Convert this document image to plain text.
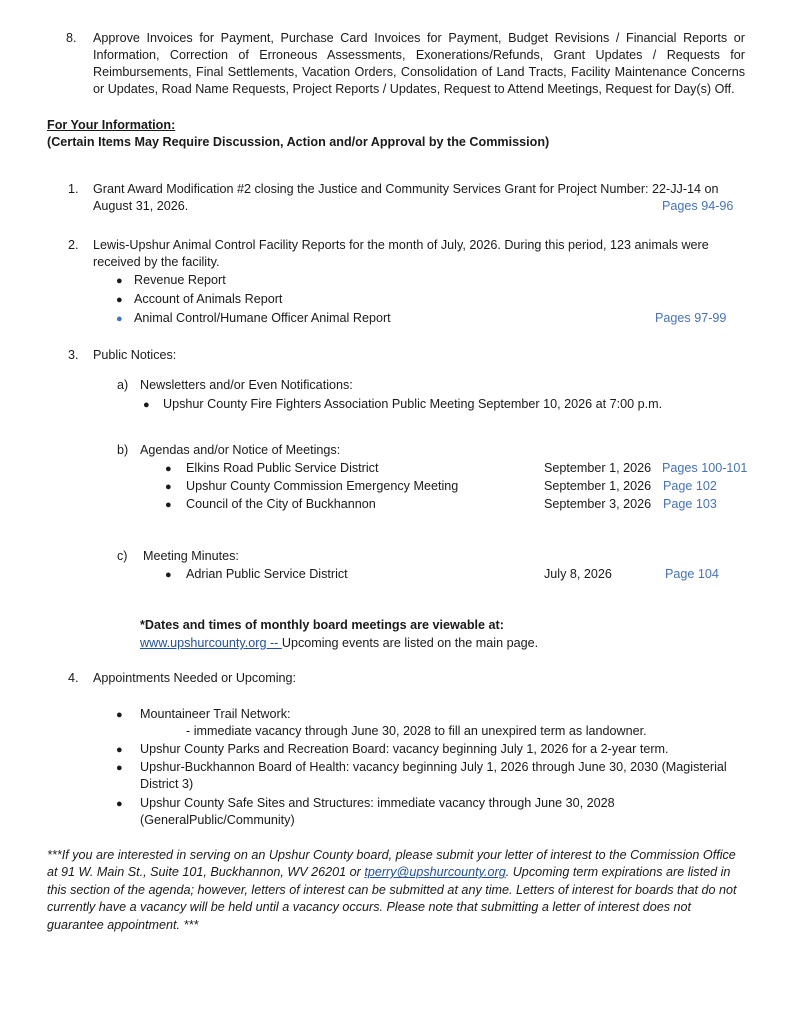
8. Approve Invoices for Payment, Purchase Card Invoices for Payment, Budget Revisions / Financial Reports or Information, Correction of Erroneous Assessments, Exonerations/Refunds, Grant Updates / Requests for Reimbursements, Final Settlements, Vacation Orders, Consolidation of Land Tracts, Facility Maintenance Concerns or Updates, Road Name Requests, Project Reports / Updates, Request to Attend Meetings, Request for Day(s) Off.
For Your Information:
(Certain Items May Require Discussion, Action and/or Approval by the Commission)
1. Grant Award Modification #2 closing the Justice and Community Services Grant for Project Number: 22-JJ-14 on
August 31, 2026.	Pages 94-96
2. Lewis-Upshur Animal Control Facility Reports for the month of July, 2026. During this period, 123 animals were
received by the facility.
● Revenue Report
● Account of Animals Report
● Animal Control/Humane Officer Animal Report	Pages 97-99
3. Public Notices:
a) Newsletters and/or Even Notifications:
● Upshur County Fire Fighters Association Public Meeting September 10, 2026 at 7:00 p.m.
b) Agendas and/or Notice of Meetings:
● Elkins Road Public Service District	September 1, 2026 Pages 100-101
● Upshur County Commission Emergency Meeting	September 1, 2026 Page 102
● Council of the City of Buckhannon	September 3, 2026 Page 103
c) Meeting Minutes:
● Adrian Public Service District	July 8, 2026	Page 104
*Dates and times of monthly board meetings are viewable at:
www.upshurcounty.org -- Upcoming events are listed on the main page.
4. Appointments Needed or Upcoming:
● Mountaineer Trail Network:
- immediate vacancy through June 30, 2028 to fill an unexpired term as landowner.
● Upshur County Parks and Recreation Board: vacancy beginning July 1, 2026 for a 2-year term.
● Upshur-Buckhannon Board of Health: vacancy beginning July 1, 2026 through June 30, 2030 (Magisterial
District 3)
● Upshur County Safe Sites and Structures: immediate vacancy through June 30, 2028
(GeneralPublic/Community)
***If you are interested in serving on an Upshur County board, please submit your letter of interest to the Commission Office at 91 W. Main St., Suite 101, Buckhannon, WV 26201 or tperry@upshurcounty.org. Upcoming term expirations are listed in this section of the agenda; however, letters of interest can be submitted at any time. Letters of interest for boards that do not currently have a vacancy will be held until a vacancy occurs. Please note that submitting a letter of interest does not guarantee appointment. ***
